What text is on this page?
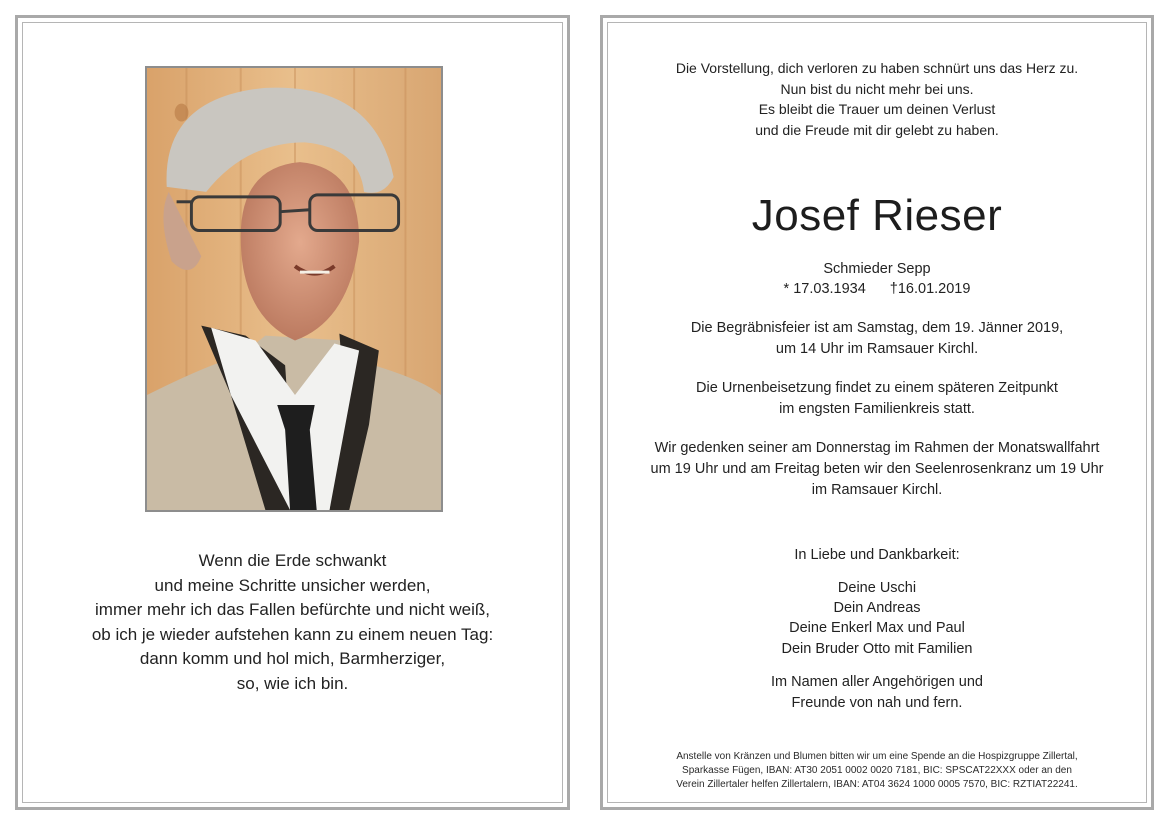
Wenn die Erde schwankt
und meine Schritte unsicher werden,
immer mehr ich das Fallen befürchte und nicht weiß,
ob ich je wieder aufstehen kann zu einem neuen Tag:
dann komm und hol mich, Barmherziger,
so, wie ich bin.
Die Vorstellung, dich verloren zu haben schnürt uns das Herz zu.
Nun bist du nicht mehr bei uns.
Es bleibt die Trauer um deinen Verlust
und die Freude mit dir gelebt zu haben.
Josef Rieser
Schmieder Sepp
* 17.03.1934 †16.01.2019
Die Begräbnisfeier ist am Samstag, dem 19. Jänner 2019,
um 14 Uhr im Ramsauer Kirchl.
Die Urnenbeisetzung findet zu einem späteren Zeitpunkt
im engsten Familienkreis statt.
Wir gedenken seiner am Donnerstag im Rahmen der Monatswallfahrt
um 19 Uhr und am Freitag beten wir den Seelenrosenkranz um 19 Uhr
im Ramsauer Kirchl.
In Liebe und Dankbarkeit:
Deine Uschi
Dein Andreas
Deine Enkerl Max und Paul
Dein Bruder Otto mit Familien
Im Namen aller Angehörigen und
Freunde von nah und fern.
Anstelle von Kränzen und Blumen bitten wir um eine Spende an die Hospizgruppe Zillertal,
Sparkasse Fügen, IBAN: AT30 2051 0002 0020 7181, BIC: SPSCAT22XXX oder an den
Verein Zillertaler helfen Zillertalern, IBAN: AT04 3624 1000 0005 7570, BIC: RZTIAT22241.
